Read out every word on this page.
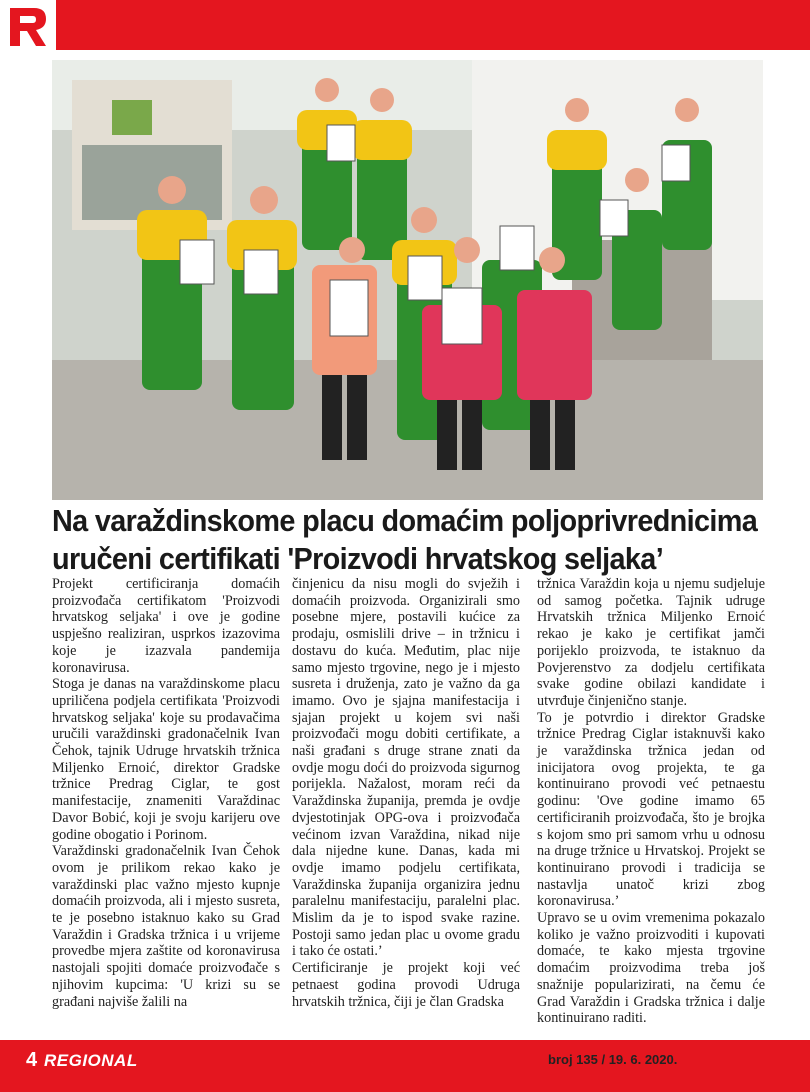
Na varaždinskome placu domaćim poljoprivrednicima
uručeni certifikati 'Proizvodi hrvatskog seljaka’

Projekt certificiranja domaćih proizvođača certifikatom 'Proizvodi hrvatskog seljaka' i ove je godine uspješno realiziran, usprkos izazovima koje je izazvala pandemija koronavirusa.

Stoga je danas na varaždinskome placu upriličena podjela certifikata 'Proizvodi hrvatskog seljaka' koje su prodavačima uručili varaždinski gradonačelnik Ivan Čehok, tajnik Udruge hrvatskih tržnica Miljenko Ernoić, direktor Gradske tržnice Predrag Ciglar, te gost manifestacije, znameniti Varaždinac Davor Bobić, koji je svoju karijeru ove godine obogatio i Porinom.

Varaždinski gradonačelnik Ivan Čehok ovom je prilikom rekao kako je varaždinski plac važno mjesto kupnje domaćih proizvoda, ali i mjesto susreta, te je posebno istaknuo kako su Grad Varaždin i Gradska tržnica i u vrijeme provedbe mjera zaštite od koronavirusa nastojali spojiti domaće proizvođače s njihovim kupcima: 'U krizi su se građani najviše žalili na

činjenicu da nisu mogli do svježih i domaćih proizvoda. Organizirali smo posebne mjere, postavili kućice za prodaju, osmislili drive – in tržnicu i dostavu do kuća. Međutim, plac nije samo mjesto trgovine, nego je i mjesto susreta i druženja, zato je važno da ga imamo. Ovo je sjajna manifestacija i sjajan projekt u kojem svi naši proizvođači mogu dobiti certifikate, a naši građani s druge strane znati da ovdje mogu doći do proizvoda sigurnog porijekla. Nažalost, moram reći da Varaždinska županija, premda je ovdje dvjestotinjak OPG-ova i proizvođača većinom izvan Varaždina, nikad nije dala nijedne kune. Danas, kada mi ovdje imamo podjelu certifikata, Varaždinska županija organizira jednu paralelnu manifestaciju, paralelni plac. Mislim da je to ispod svake razine. Postoji samo jedan plac u ovome gradu i tako će ostati.’

Certificiranje je projekt koji već petnaest godina provodi Udruga hrvatskih tržnica, čiji je član Gradska

tržnica Varaždin koja u njemu sudjeluje od samog početka. Tajnik udruge Hrvatskih tržnica Miljenko Ernoić rekao je kako je certifikat jamči porijeklo proizvoda, te istaknuo da Povjerenstvo za dodjelu certifikata svake godine obilazi kandidate i utvrđuje činjenično stanje.

To je potvrdio i direktor Gradske tržnice Predrag Ciglar istaknuvši kako je varaždinska tržnica jedan od inicijatora ovog projekta, te ga kontinuirano provodi već petnaestu godinu: 'Ove godine imamo 65 certificiranih proizvođača, što je brojka s kojom smo pri samom vrhu u odnosu na druge tržnice u Hrvatskoj. Projekt se kontinuirano provodi i tradicija se nastavlja unatoč krizi zbog koronavirusa.’

Upravo se u ovim vremenima pokazalo koliko je važno proizvoditi i kupovati domaće, te kako mjesta trgovine domaćim proizvodima treba još snažnije popularizirati, na čemu će Grad Varaždin i Gradska tržnica i dalje kontinuirano raditi.

4 REGIONAL	broj 135 / 19. 6. 2020.
